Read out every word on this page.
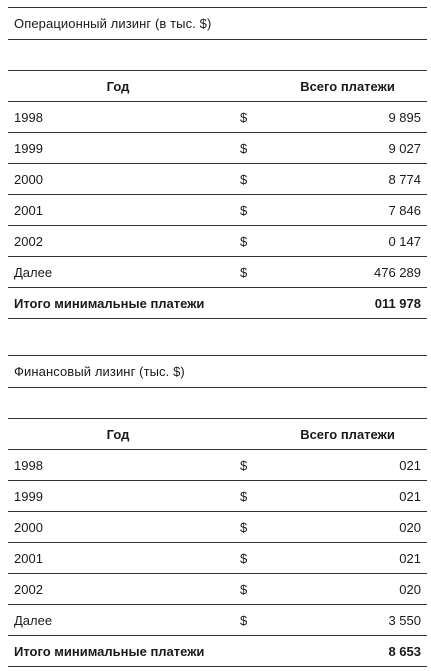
Операционный лизинг (в тыс. $)
Год	Всего платежи
1998	$	9 895
1999	$	9 027
2000	$	8 774
2001	$	7 846
2002	$	0 147
Далее	$	476 289
Итого минимальные платежи	011 978
Финансовый лизинг (тыс. $)
Год	Всего платежи
1998	$	021
1999	$	021
2000	$	020
2001	$	021
2002	$	020
Далее	$	3 550
Итого минимальные платежи	8 653
